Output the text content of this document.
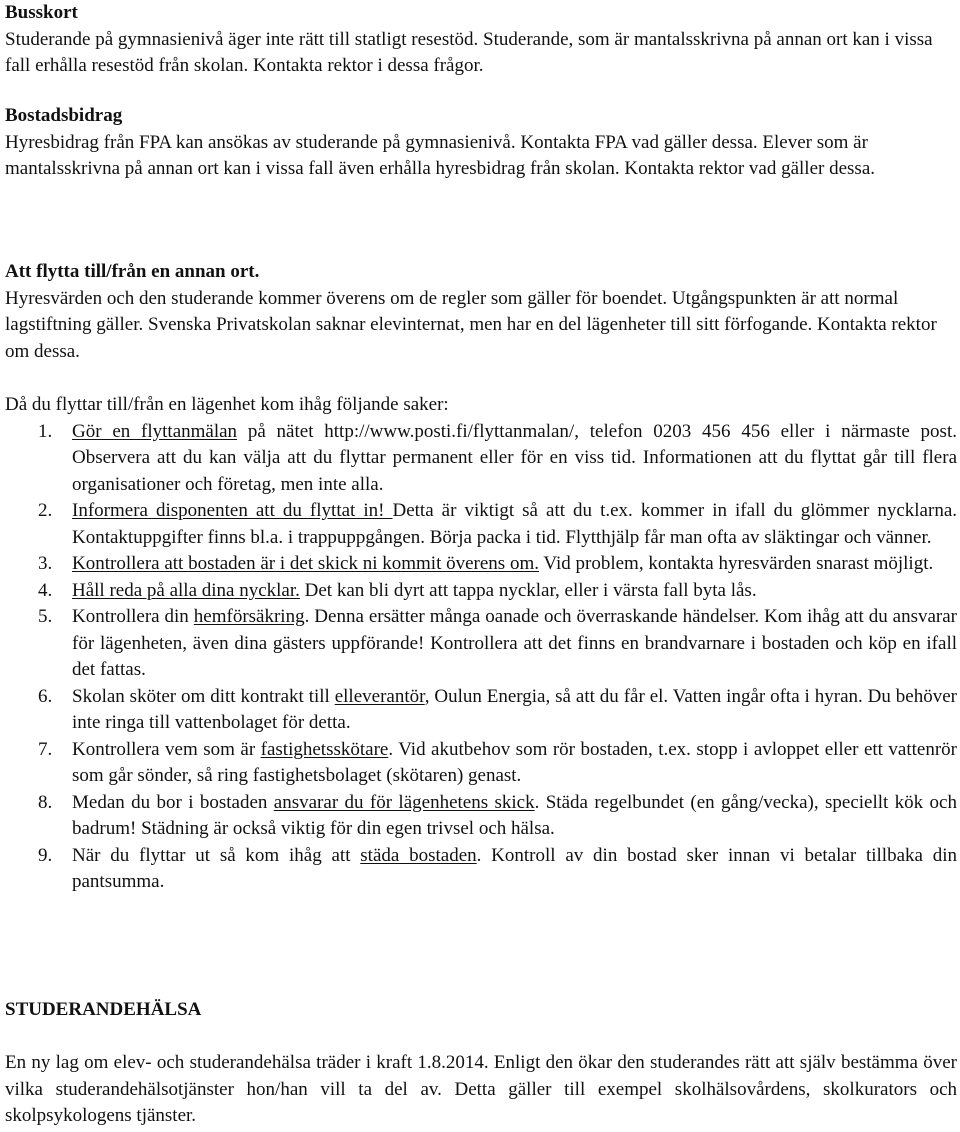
Busskort

Studerande på gymnasienivå äger inte rätt till statligt resestöd. Studerande, som är mantalsskrivna på annan ort kan i vissa fall erhålla resestöd från skolan. Kontakta rektor i dessa frågor.

Bostadsbidrag

Hyresbidrag från FPA kan ansökas av studerande på gymnasienivå. Kontakta FPA vad gäller dessa. Elever som är mantalsskrivna på annan ort kan i vissa fall även erhålla hyresbidrag från skolan. Kontakta rektor vad gäller dessa.

Att flytta till/från en annan ort.

Hyresvärden och den studerande kommer överens om de regler som gäller för boendet. Utgångspunkten är att normal lagstiftning gäller. Svenska Privatskolan saknar elevinternat, men har en del lägenheter till sitt förfogande. Kontakta rektor om dessa.

Då du flyttar till/från en lägenhet kom ihåg följande saker:

1. Gör en flyttanmälan på nätet http://www.posti.fi/flyttanmalan/, telefon 0203 456 456 eller i närmaste post. Observera att du kan välja att du flyttar permanent eller för en viss tid. Informationen att du flyttat går till flera organisationer och företag, men inte alla.
2. Informera disponenten att du flyttat in! Detta är viktigt så att du t.ex. kommer in ifall du glömmer nycklarna. Kontaktuppgifter finns bl.a. i trappuppgången. Börja packa i tid. Flytthjälp får man ofta av släktingar och vänner.
3. Kontrollera att bostaden är i det skick ni kommit överens om. Vid problem, kontakta hyresvärden snarast möjligt.
4. Håll reda på alla dina nycklar. Det kan bli dyrt att tappa nycklar, eller i värsta fall byta lås.
5. Kontrollera din hemförsäkring. Denna ersätter många oanade och överraskande händelser. Kom ihåg att du ansvarar för lägenheten, även dina gästers uppförande! Kontrollera att det finns en brandvarnare i bostaden och köp en ifall det fattas.
6. Skolan sköter om ditt kontrakt till elleverantör, Oulun Energia, så att du får el. Vatten ingår ofta i hyran. Du behöver inte ringa till vattenbolaget för detta.
7. Kontrollera vem som är fastighetsskötare. Vid akutbehov som rör bostaden, t.ex. stopp i avloppet eller ett vattenrör som går sönder, så ring fastighetsbolaget (skötaren) genast.
8. Medan du bor i bostaden ansvarar du för lägenhetens skick. Städa regelbundet (en gång/vecka), speciellt kök och badrum! Städning är också viktig för din egen trivsel och hälsa.
9. När du flyttar ut så kom ihåg att städa bostaden. Kontroll av din bostad sker innan vi betalar tillbaka din pantsumma.
STUDERANDEHÄLSA

En ny lag om elev- och studerandehälsa träder i kraft 1.8.2014. Enligt den ökar den studerandes rätt att själv bestämma över vilka studerandehälsotjänster hon/han vill ta del av. Detta gäller till exempel skolhälsovårdens, skolkurators och skolpsykologens tjänster.
